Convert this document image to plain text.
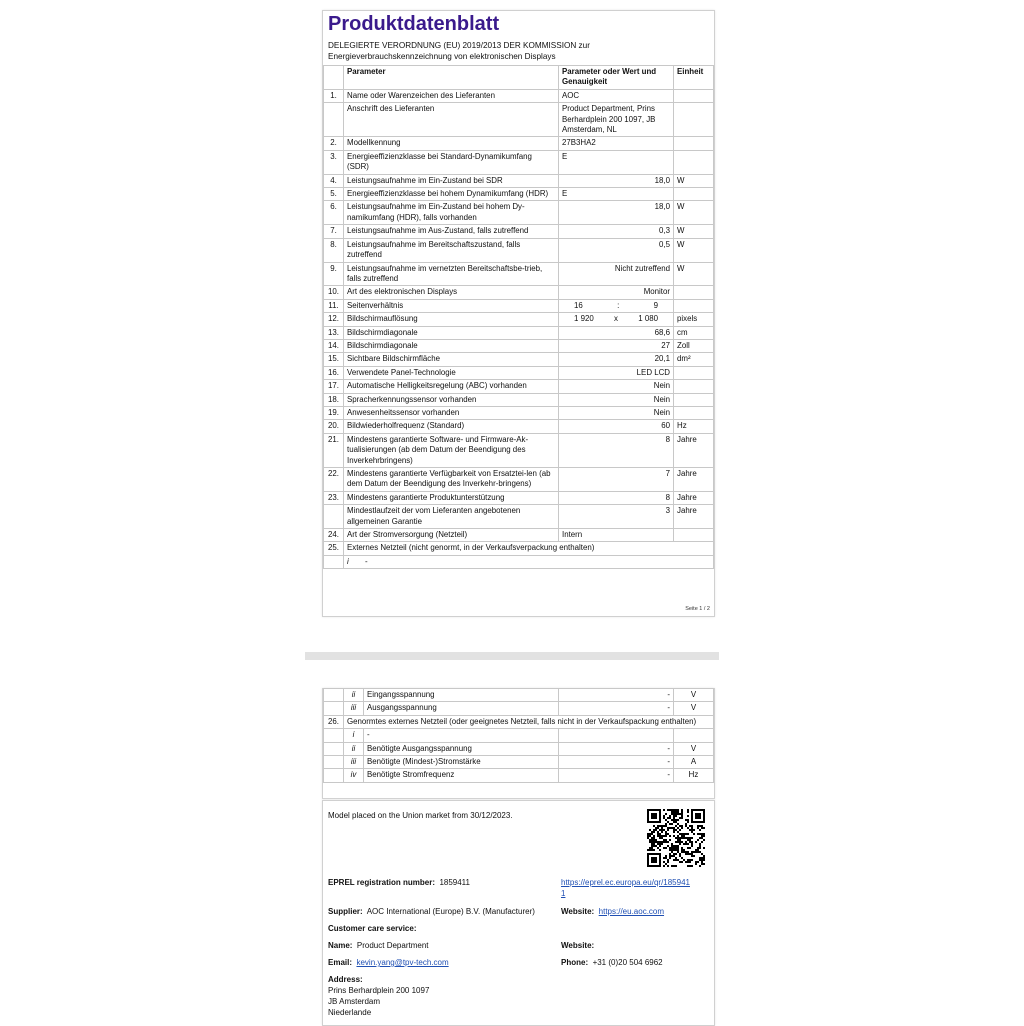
Produktdatenblatt
DELEGIERTE VERORDNUNG (EU) 2019/2013 DER KOMMISSION zur Energieverbrauchskennzeichnung von elektronischen Displays
	Parameter	Parameter oder Wert und Genauigkeit	Einheit
1.	Name oder Warenzeichen des Lieferanten	AOC	
	Anschrift des Lieferanten	Product Department, Prins Berhardplein 200 1097, JB Amsterdam, NL	
2.	Modellkennung	27B3HA2	
3.	Energieeffizienzklasse bei Standard-Dynamikumfang (SDR)	E	
4.	Leistungsaufnahme im Ein-Zustand bei SDR	18,0	W
5.	Energieeffizienzklasse bei hohem Dynamikumfang (HDR)	E	
6.	Leistungsaufnahme im Ein-Zustand bei hohem Dy-namikumfang (HDR), falls vorhanden	18,0	W
7.	Leistungsaufnahme im Aus-Zustand, falls zutreffend	0,3	W
8.	Leistungsaufnahme im Bereitschaftszustand, falls zutreffend	0,5	W
9.	Leistungsaufnahme im vernetzten Bereitschaftsbe-trieb, falls zutreffend	Nicht zutreffend	W
10.	Art des elektronischen Displays	Monitor	
11.	Seitenverhältnis	16 : 9	

12.	Bildschirmauflösung	1 920 x 1 080	pixels
13.	Bildschirmdiagonale	68,6	cm
14.	Bildschirmdiagonale	27	Zoll
15.	Sichtbare Bildschirmfläche	20,1	dm²
16.	Verwendete Panel-Technologie	LED LCD	
17.	Automatische Helligkeitsregelung (ABC) vorhanden	Nein	
18.	Spracherkennungssensor vorhanden	Nein	
19.	Anwesenheitssensor vorhanden	Nein	
20.	Bildwiederholfrequenz (Standard)	60	Hz
21.	Mindestens garantierte Software- und Firmware-Ak-tualisierungen (ab dem Datum der Beendigung des Inverkehrbringens)	8	Jahre
22.	Mindestens garantierte Verfügbarkeit von Ersatztei-len (ab dem Datum der Beendigung des Inverkehr-bringens)	7	Jahre
23.	Mindestens garantierte Produktunterstützung	8	Jahre
	Mindestlaufzeit der vom Lieferanten angebotenen allgemeinen Garantie	3	Jahre
24.	Art der Stromversorgung (Netzteil)	Intern	
25.	Externes Netzteil (nicht genormt, in der Verkaufsverpackung enthalten)		
	i -		
Seite 1 / 2
	ii	Eingangsspannung	-	V
	iii	Ausgangsspannung	-	V
26.	Genormtes externes Netzteil (oder geeignetes Netzteil, falls nicht in der Verkaufspackung enthalten)			
	i	-		
	ii	Benötigte Ausgangsspannung	-	V
	iii	Benötigte (Mindest-)Stromstärke	-	A
	iv	Benötigte Stromfrequenz	-	Hz
Model placed on the Union market from 30/12/2023.
EPREL registration number: 1859411	https://eprel.ec.europa.eu/qr/1859411
Supplier: AOC International (Europe) B.V. (Manufacturer)	Website: https://eu.aoc.com
Customer care service:
Name: Product Department	Website:
Email: kevin.yang@tpv-tech.com	Phone: +31 (0)20 504 6962
Address:
Prins Berhardplein 200 1097
JB Amsterdam
Niederlande
